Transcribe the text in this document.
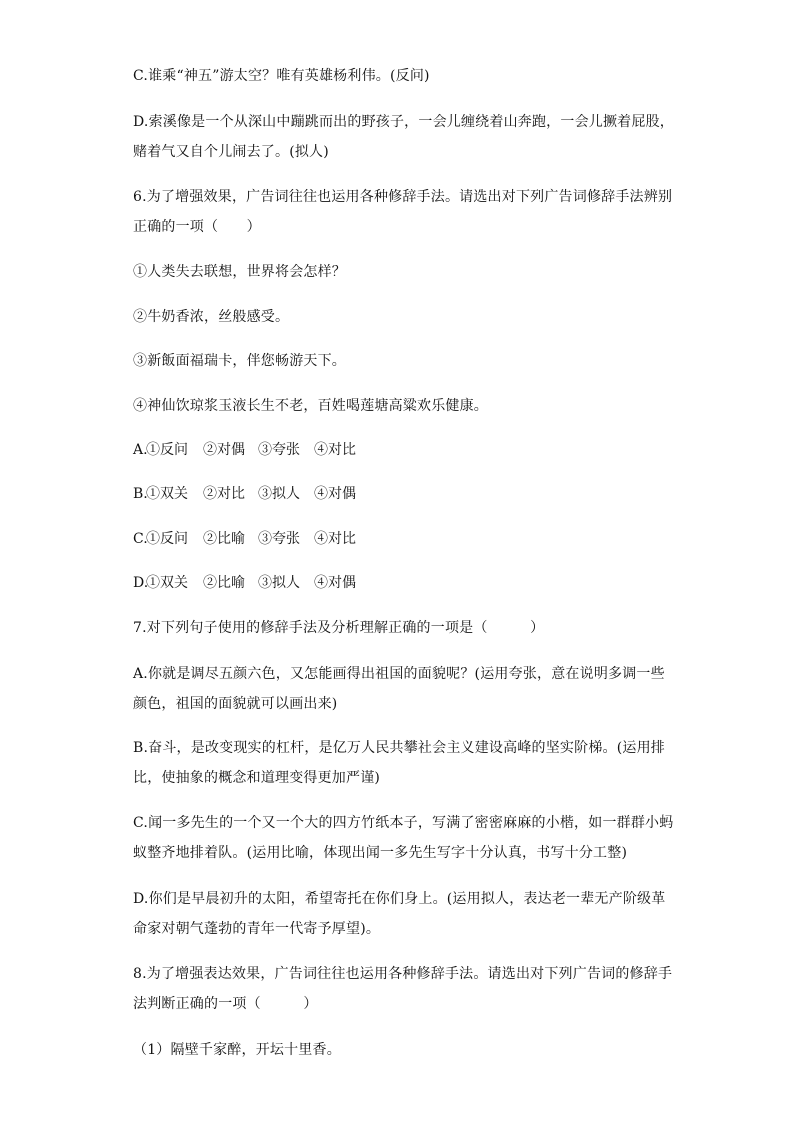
C.谁乘“神五”游太空？唯有英雄杨利伟。(反问)
D.索溪像是一个从深山中蹦跳而出的野孩子，一会儿缠绕着山奔跑，一会儿撅着屁股，
赌着气又自个儿闹去了。(拟人)
6.为了增强效果，广告词往往也运用各种修辞手法。请选出对下列广告词修辞手法辨别
正确的一项（　　）
①人类失去联想，世界将会怎样？
②牛奶香浓，丝般感受。
③新飯面福瑞卡，伴您畅游天下。
④神仙饮琼浆玉液长生不老，百姓喝莲塘高粱欢乐健康。
A.
①反问 ②对偶 ③夸张 ④对比
B.
①双关 ②对比 ③拟人 ④对偶
C.
①反问 ②比喻 ③夸张 ④对比
D.
①双关 ②比喻 ③拟人 ④对偶
7.对下列句子使用的修辞手法及分析理解正确的一项是（　　　）
A.你就是调尽五颜六色，又怎能画得出祖国的面貌呢？(运用夸张，意在说明多调一些
颜色，祖国的面貌就可以画出来)
B.奋斗，是改变现实的杠杆，是亿万人民共攀社会主义建设高峰的坚实阶梯。(运用排
比，使抽象的概念和道理变得更加严谨)
C.闻一多先生的一个又一个大的四方竹纸本子，写满了密密麻麻的小楷，如一群群小蚂
蚁整齐地排着队。(运用比喻，体现出闻一多先生写字十分认真，书写十分工整)
D.你们是早晨初升的太阳，希望寄托在你们身上。(运用拟人，表达老一辈无产阶级革
命家对朝气蓬勃的青年一代寄予厚望)。
8.为了增强表达效果，广告词往往也运用各种修辞手法。请选出对下列广告词的修辞手
法判断正确的一项（　　　）
（1）隔壁千家醉，开坛十里香。
